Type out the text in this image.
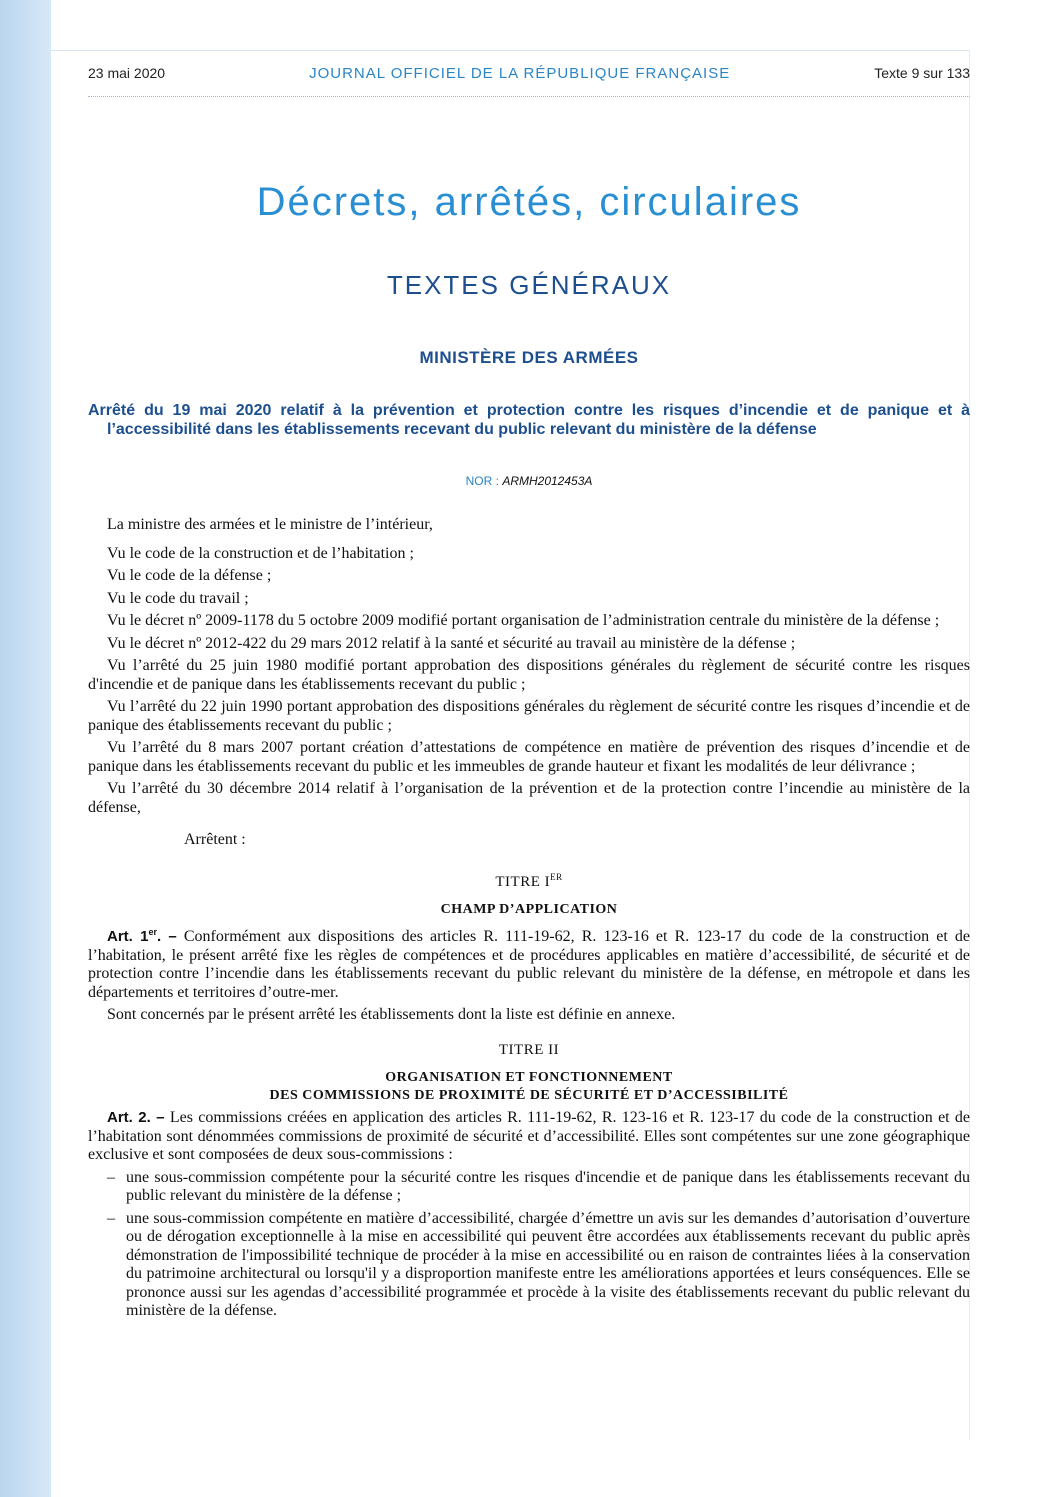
23 mai 2020	JOURNAL OFFICIEL DE LA RÉPUBLIQUE FRANÇAISE	Texte 9 sur 133
Décrets, arrêtés, circulaires
TEXTES GÉNÉRAUX
MINISTÈRE DES ARMÉES
Arrêté du 19 mai 2020 relatif à la prévention et protection contre les risques d’incendie et de panique et à l’accessibilité dans les établissements recevant du public relevant du ministère de la défense
NOR : ARMH2012453A

La ministre des armées et le ministre de l’intérieur,

Vu le code de la construction et de l’habitation ;

Vu le code de la défense ;

Vu le code du travail ;

Vu le décret nº 2009-1178 du 5 octobre 2009 modifié portant organisation de l’administration centrale du ministère de la défense ;

Vu le décret nº 2012-422 du 29 mars 2012 relatif à la santé et sécurité au travail au ministère de la défense ;

Vu l’arrêté du 25 juin 1980 modifié portant approbation des dispositions générales du règlement de sécurité contre les risques d'incendie et de panique dans les établissements recevant du public ;

Vu l’arrêté du 22 juin 1990 portant approbation des dispositions générales du règlement de sécurité contre les risques d’incendie et de panique des établissements recevant du public ;

Vu l’arrêté du 8 mars 2007 portant création d’attestations de compétence en matière de prévention des risques d’incendie et de panique dans les établissements recevant du public et les immeubles de grande hauteur et fixant les modalités de leur délivrance ;

Vu l’arrêté du 30 décembre 2014 relatif à l’organisation de la prévention et de la protection contre l’incendie au ministère de la défense,

Arrêtent :

TITRE IER
CHAMP D’APPLICATION

Art. 1er. – Conformément aux dispositions des articles R. 111-19-62, R. 123-16 et R. 123-17 du code de la construction et de l’habitation, le présent arrêté fixe les règles de compétences et de procédures applicables en matière d’accessibilité, de sécurité et de protection contre l’incendie dans les établissements recevant du public relevant du ministère de la défense, en métropole et dans les départements et territoires d’outre-mer.

Sont concernés par le présent arrêté les établissements dont la liste est définie en annexe.

TITRE II
ORGANISATION ET FONCTIONNEMENT
DES COMMISSIONS DE PROXIMITÉ DE SÉCURITÉ ET D’ACCESSIBILITÉ

Art. 2. – Les commissions créées en application des articles R. 111-19-62, R. 123-16 et R. 123-17 du code de la construction et de l’habitation sont dénommées commissions de proximité de sécurité et d’accessibilité. Elles sont compétentes sur une zone géographique exclusive et sont composées de deux sous-commissions :

– une sous-commission compétente pour la sécurité contre les risques d'incendie et de panique dans les établissements recevant du public relevant du ministère de la défense ;

– une sous-commission compétente en matière d’accessibilité, chargée d’émettre un avis sur les demandes d’autorisation d’ouverture ou de dérogation exceptionnelle à la mise en accessibilité qui peuvent être accordées aux établissements recevant du public après démonstration de l'impossibilité technique de procéder à la mise en accessibilité ou en raison de contraintes liées à la conservation du patrimoine architectural ou lorsqu'il y a disproportion manifeste entre les améliorations apportées et leurs conséquences. Elle se prononce aussi sur les agendas d’accessibilité programmée et procède à la visite des établissements recevant du public relevant du ministère de la défense.
